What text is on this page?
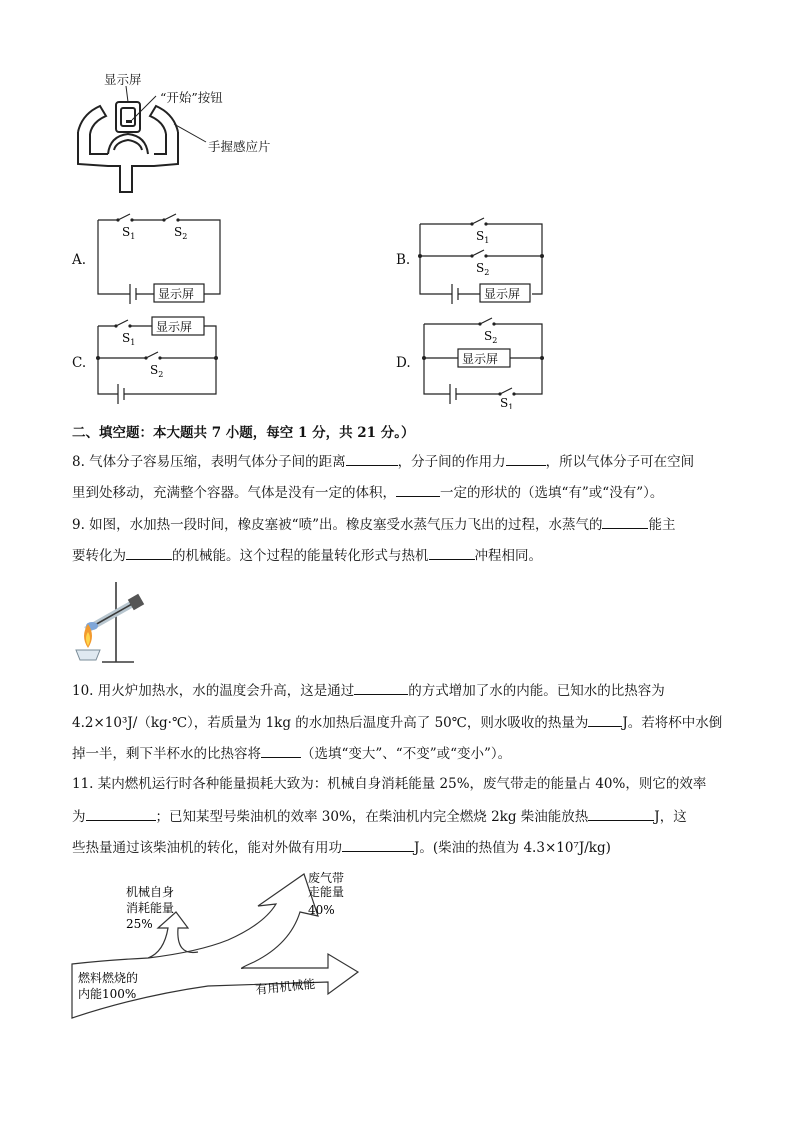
显示屏
“开始”按钮
手握感应片
A.
$S_1$	$S_2$
显示屏
B.
$S_1$
$S_2$
显示屏
C.
$S_1$
$S_2$
显示屏
D.
$S_2$
$S_1$
显示屏
二、填空题：本大题共 7 小题，每空 1 分，共 21 分。）
8. 气体分子容易压缩，表明气体分子间的距离	，分子间的作用力	，所以气体分子可在空间
里到处移动，充满整个容器。气体是没有一定的体积，	一定的形状的（选填“有”或“没有”）。
9. 如图，水加热一段时间，橡皮塞被“喷”出。橡皮塞受水蒸气压力飞出的过程，水蒸气的	能主
要转化为	的机械能。这个过程的能量转化形式与热机	冲程相同。
10. 用火炉加热水，水的温度会升高，这是通过	的方式增加了水的内能。已知水的比热容为
4.2×10³J/（kg·℃），若质量为 1kg 的水加热后温度升高了 50℃，则水吸收的热量为	J。若将杯中水倒
掉一半，剩下半杯水的比热容将	（选填“变大”、“不变”或“变小”）。
11. 某内燃机运行时各种能量损耗大致为：机械自身消耗能量 25%，废气带走的能量占 40%，则它的效率
为	；已知某型号柴油机的效率 30%，在柴油机内完全燃烧 2kg 柴油能放热	J，这
些热量通过该柴油机的转化，能对外做有用功	J。(柴油的热值为 4.3×10⁷J/kg)
机械自身 消耗能量 25%
废气带 走能量 40%
燃料燃烧的 内能100%	有用机械能
